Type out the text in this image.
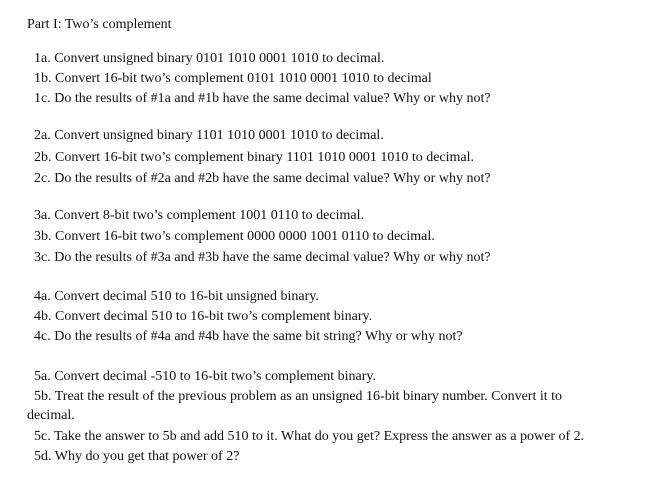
Part I: Two’s complement
1a. Convert unsigned binary 0101 1010 0001 1010 to decimal.
1b. Convert 16-bit two’s complement 0101 1010 0001 1010 to decimal
1c. Do the results of #1a and #1b have the same decimal value? Why or why not?
2a. Convert unsigned binary 1101 1010 0001 1010 to decimal.
2b. Convert 16-bit two’s complement binary 1101 1010 0001 1010 to decimal.
2c. Do the results of #2a and #2b have the same decimal value? Why or why not?
3a. Convert 8-bit two’s complement 1001 0110 to decimal.
3b. Convert 16-bit two’s complement 0000 0000 1001 0110 to decimal.
3c. Do the results of #3a and #3b have the same decimal value? Why or why not?
4a. Convert decimal 510 to 16-bit unsigned binary.
4b. Convert decimal 510 to 16-bit two’s complement binary.
4c. Do the results of #4a and #4b have the same bit string? Why or why not?
5a. Convert decimal -510 to 16-bit two’s complement binary.
5b. Treat the result of the previous problem as an unsigned 16-bit binary number. Convert it to
decimal.
5c. Take the answer to 5b and add 510 to it. What do you get? Express the answer as a power of 2.
5d. Why do you get that power of 2?
